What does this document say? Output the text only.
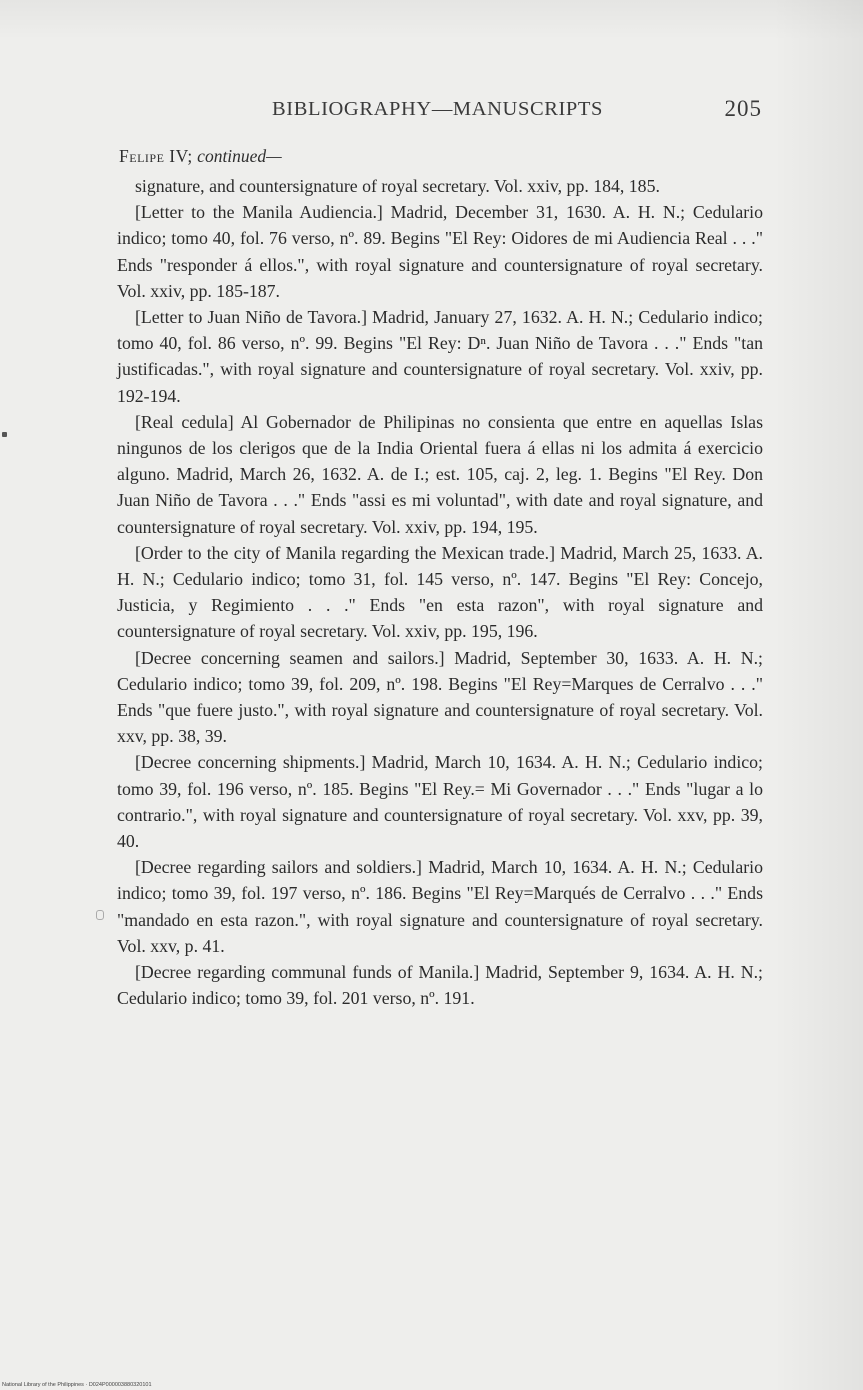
BIBLIOGRAPHY—MANUSCRIPTS	205
Felipe IV; continued—

signature, and countersignature of royal secretary. Vol. xxiv, pp. 184, 185.

[Letter to the Manila Audiencia.] Madrid, December 31, 1630. A. H. N.; Cedulario indico; tomo 40, fol. 76 verso, nº. 89. Begins "El Rey: Oidores de mi Audiencia Real . . ." Ends "responder á ellos.", with royal signature and countersignature of royal secretary. Vol. xxiv, pp. 185-187.

[Letter to Juan Niño de Tavora.] Madrid, January 27, 1632. A. H. N.; Cedulario indico; tomo 40, fol. 86 verso, nº. 99. Begins "El Rey: Dⁿ. Juan Niño de Tavora . . ." Ends "tan justificadas.", with royal signature and countersignature of royal secretary. Vol. xxiv, pp. 192-194.

[Real cedula] Al Gobernador de Philipinas no consienta que entre en aquellas Islas ningunos de los clerigos que de la India Oriental fuera á ellas ni los admita á exercicio alguno. Madrid, March 26, 1632. A. de I.; est. 105, caj. 2, leg. 1. Begins "El Rey. Don Juan Niño de Tavora . . ." Ends "assi es mi voluntad", with date and royal signature, and countersignature of royal secretary. Vol. xxiv, pp. 194, 195.

[Order to the city of Manila regarding the Mexican trade.] Madrid, March 25, 1633. A. H. N.; Cedulario indico; tomo 31, fol. 145 verso, nº. 147. Begins "El Rey: Concejo, Justicia, y Regimiento . . ." Ends "en esta razon", with royal signature and countersignature of royal secretary. Vol. xxiv, pp. 195, 196.

[Decree concerning seamen and sailors.] Madrid, September 30, 1633. A. H. N.; Cedulario indico; tomo 39, fol. 209, nº. 198. Begins "El Rey=Marques de Cerralvo . . ." Ends "que fuere justo.", with royal signature and countersignature of royal secretary. Vol. xxv, pp. 38, 39.

[Decree concerning shipments.] Madrid, March 10, 1634. A. H. N.; Cedulario indico; tomo 39, fol. 196 verso, nº. 185. Begins "El Rey.= Mi Governador . . ." Ends "lugar a lo contrario.", with royal signature and countersignature of royal secretary. Vol. xxv, pp. 39, 40.

[Decree regarding sailors and soldiers.] Madrid, March 10, 1634. A. H. N.; Cedulario indico; tomo 39, fol. 197 verso, nº. 186. Begins "El Rey=Marqués de Cerralvo . . ." Ends "mandado en esta razon.", with royal signature and countersignature of royal secretary. Vol. xxv, p. 41.

[Decree regarding communal funds of Manila.] Madrid, September 9, 1634. A. H. N.; Cedulario indico; tomo 39, fol. 201 verso, nº. 191.

National Library of the Philippines · D024P000003880320101
